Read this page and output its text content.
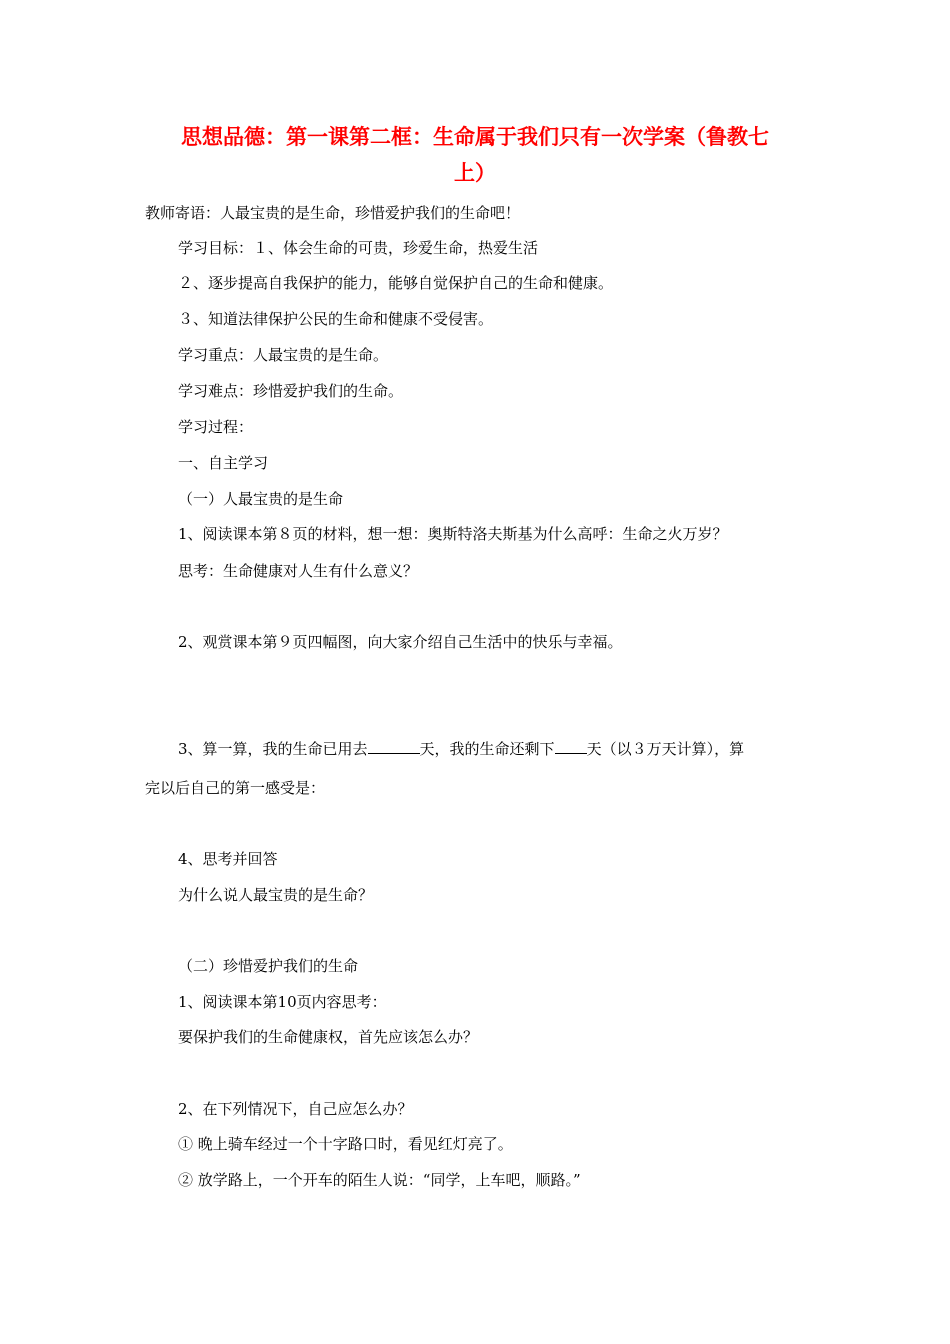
思想品德：第一课第二框：生命属于我们只有一次学案（鲁教七
上）
教师寄语：人最宝贵的是生命，珍惜爱护我们的生命吧！
学习目标：１、体会生命的可贵，珍爱生命，热爱生活
２、逐步提高自我保护的能力，能够自觉保护自己的生命和健康。
３、知道法律保护公民的生命和健康不受侵害。
学习重点：人最宝贵的是生命。
学习难点：珍惜爱护我们的生命。
学习过程：
一、自主学习
（一）人最宝贵的是生命
1、阅读课本第８页的材料，想一想：奥斯特洛夫斯基为什么高呼：生命之火万岁？
思考：生命健康对人生有什么意义？
2、观赏课本第９页四幅图，向大家介绍自己生活中的快乐与幸福。
3、算一算，我的生命已用去	天，我的生命还剩下 天（以３万天计算），算
完以后自己的第一感受是：
4、思考并回答
为什么说人最宝贵的是生命？
（二）珍惜爱护我们的生命
1、阅读课本第10页内容思考：
要保护我们的生命健康权，首先应该怎么办？
2、在下列情况下，自己应怎么办？
① 晚上骑车经过一个十字路口时，看见红灯亮了。
② 放学路上，一个开车的陌生人说：“同学，上车吧，顺路。”
